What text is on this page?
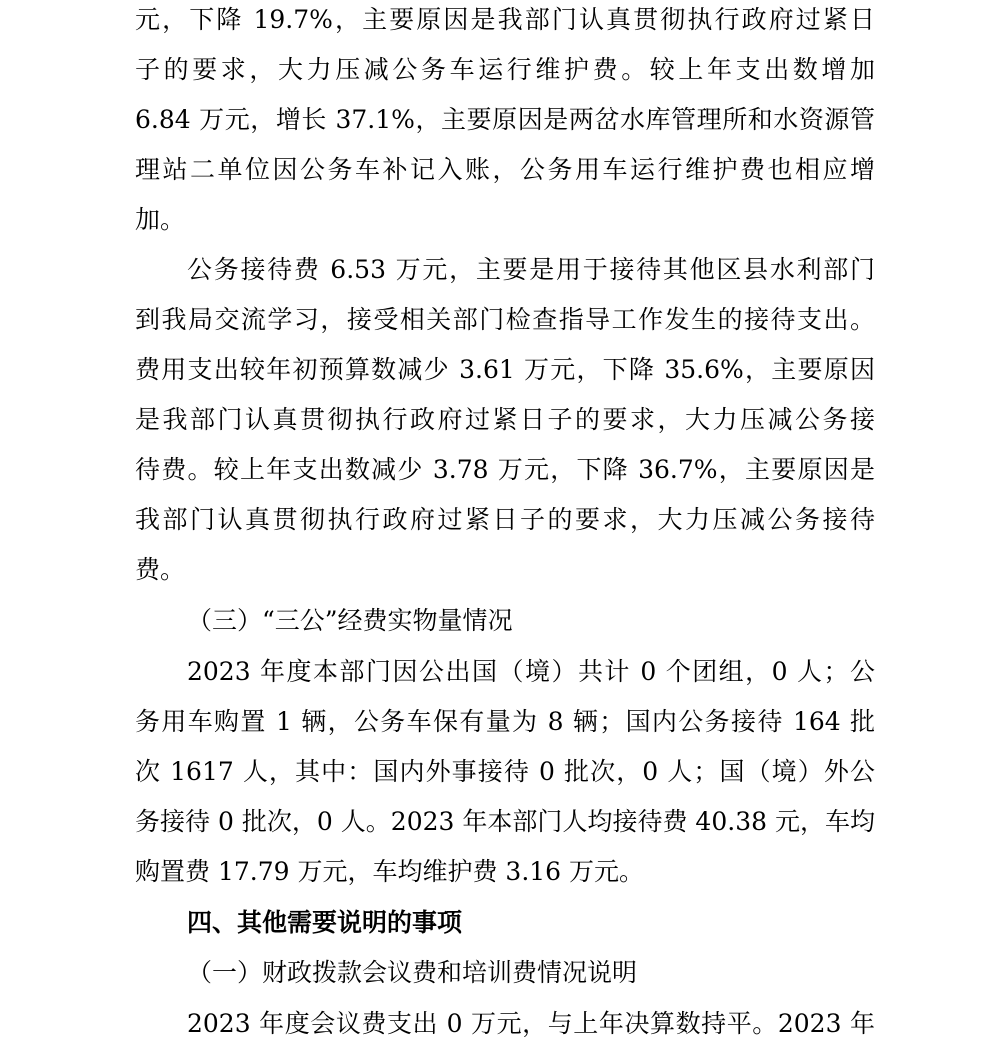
元，下降 19.7%，主要原因是我部门认真贯彻执行政府过紧日
子的要求，大力压减公务车运行维护费。较上年支出数增加
6.84 万元，增长 37.1%，主要原因是两岔水库管理所和水资源管
理站二单位因公务车补记入账，公务用车运行维护费也相应增
加。
公务接待费 6.53 万元，主要是用于接待其他区县水利部门
到我局交流学习，接受相关部门检查指导工作发生的接待支出。
费用支出较年初预算数减少 3.61 万元，下降 35.6%，主要原因
是我部门认真贯彻执行政府过紧日子的要求，大力压减公务接
待费。较上年支出数减少 3.78 万元，下降 36.7%，主要原因是
我部门认真贯彻执行政府过紧日子的要求，大力压减公务接待
费。
（三）“三公”经费实物量情况
2023 年度本部门因公出国（境）共计 0 个团组，0 人；公
务用车购置 1 辆，公务车保有量为 8 辆；国内公务接待 164 批
次 1617 人，其中：国内外事接待 0 批次，0 人；国（境）外公
务接待 0 批次，0 人。2023 年本部门人均接待费 40.38 元，车均
购置费 17.79 万元，车均维护费 3.16 万元。
四、其他需要说明的事项
（一）财政拨款会议费和培训费情况说明
2023 年度会议费支出 0 万元，与上年决算数持平。2023 年
